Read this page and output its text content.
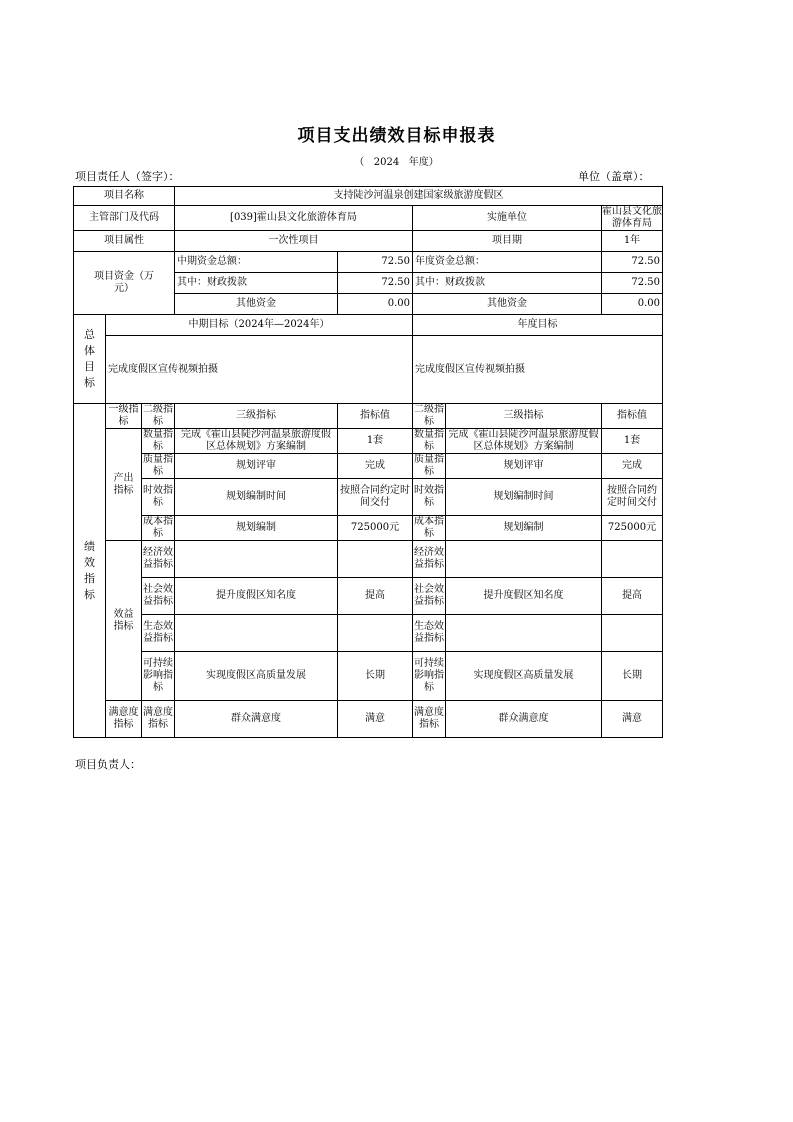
项目支出绩效目标申报表
（   2024   年度）
项目责任人（签字）：	单位（盖章）：
项目名称			支持陡沙河温泉创建国家级旅游度假区				
主管部门及代码			[039]霍山县文化旅游体育局		实施单位		霍山县文化旅游体育局
项目属性			一次性项目		项目期		1年
项目资金（万元）			中期资金总额：	72.50	年度资金总额：		72.50
			其中：财政拨款	72.50	其中：财政拨款		72.50
			其他资金	0.00	其他资金		0.00
总体目标	中期目标（2024年—2024年）				年度目标		
	完成度假区宣传视频拍摄				完成度假区宣传视频拍摄		
绩效指标	一级指标	二级指标	三级指标	指标值	二级指标	三级指标	指标值
	产出指标	数量指标	完成《霍山县陡沙河温泉旅游度假区总体规划》方案编制	1套	数量指标	完成《霍山县陡沙河温泉旅游度假区总体规划》方案编制	1套
		质量指标	规划评审	完成	质量指标	规划评审	完成
		时效指标	规划编制时间	按照合同约定时间交付	时效指标	规划编制时间	按照合同约定时间交付
		成本指标	规划编制	725000元	成本指标	规划编制	725000元
	效益指标	经济效益指标			经济效益指标		
		社会效益指标	提升度假区知名度	提高	社会效益指标	提升度假区知名度	提高
		生态效益指标			生态效益指标		
		可持续影响指标	实现度假区高质量发展	长期	可持续影响指标	实现度假区高质量发展	长期
	满意度指标	满意度指标	群众满意度	满意	满意度指标	群众满意度	满意
项目负责人：
